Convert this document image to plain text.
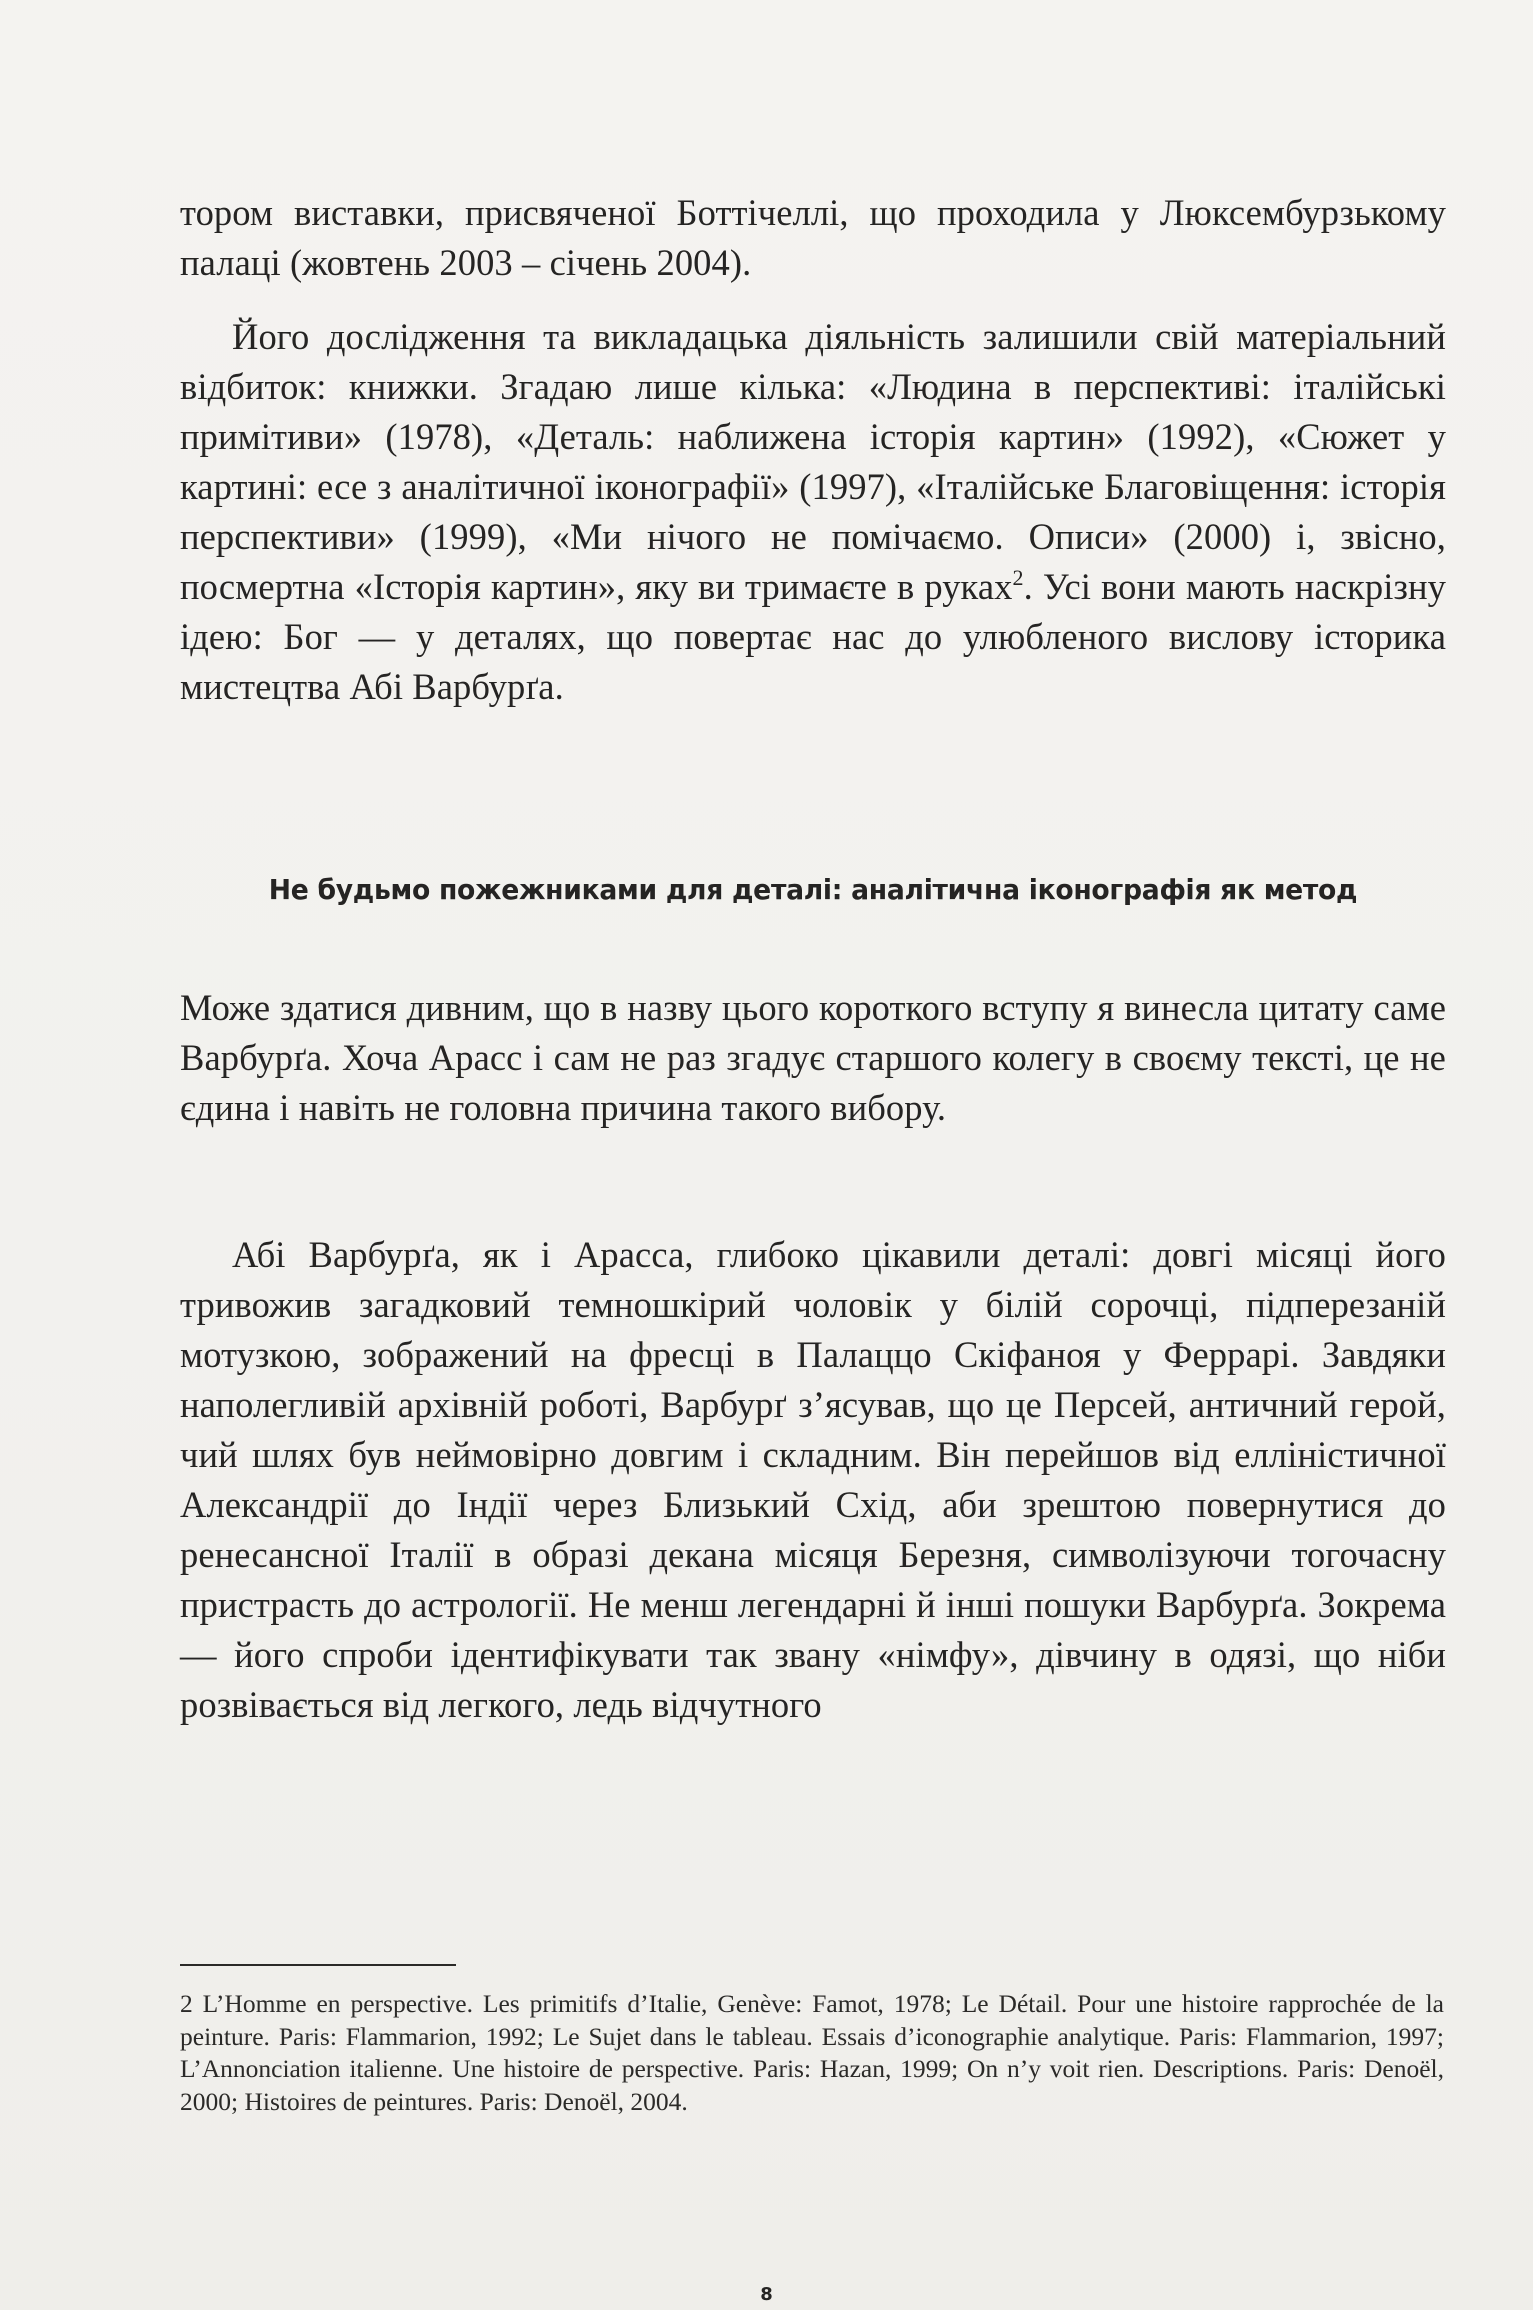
тором виставки, присвяченої Боттічеллі, що проходила у Люксембурзькому палаці (жовтень 2003 – січень 2004).

Його дослідження та викладацька діяльність залишили свій матеріальний відбиток: книжки. Згадаю лише кілька: «Людина в перспективі: італійські примітиви» (1978), «Деталь: наближена історія картин» (1992), «Сюжет у картині: есе з аналітичної іконографії» (1997), «Італійське Благовіщення: історія перспективи» (1999), «Ми нічого не помічаємо. Описи» (2000) і, звісно, посмертна «Історія картин», яку ви тримаєте в руках$^2$. Усі вони мають наскрізну ідею: Бог — у деталях, що повертає нас до улюбленого вислову історика мистецтва Абі Варбурґа.

Не будьмо пожежниками для деталі: аналітична іконографія як метод

Може здатися дивним, що в назву цього короткого вступу я винесла цитату саме Варбурґа. Хоча Арасс і сам не раз згадує старшого колегу в своєму тексті, це не єдина і навіть не головна причина такого вибору.

Абі Варбурґа, як і Арасса, глибоко цікавили деталі: довгі місяці його тривожив загадковий темношкірий чоловік у білій сорочці, підперезаній мотузкою, зображений на фресці в Палаццо Скіфаноя у Феррарі. Завдяки наполегливій архівній роботі, Варбурґ з’ясував, що це Персей, античний герой, чий шлях був неймовірно довгим і складним. Він перейшов від елліністичної Александрії до Індії через Близький Схід, аби зрештою повернутися до ренесансної Італії в образі декана місяця Березня, символізуючи тогочасну пристрасть до астрології. Не менш легендарні й інші пошуки Варбурґа. Зокрема — його спроби ідентифікувати так звану «німфу», дівчину в одязі, що ніби розвівається від легкого, ледь відчутного

2 L’Homme en perspective. Les primitifs d’Italie, Genève: Famot, 1978; Le Détail. Pour une histoire rapprochée de la peinture. Paris: Flammarion, 1992; Le Sujet dans le tableau. Essais d’iconographie analytique. Paris: Flammarion, 1997; L’Annonciation italienne. Une histoire de perspective. Paris: Hazan, 1999; On n’y voit rien. Descriptions. Paris: Denoël, 2000; Histoires de peintures. Paris: Denoël, 2004.

8
